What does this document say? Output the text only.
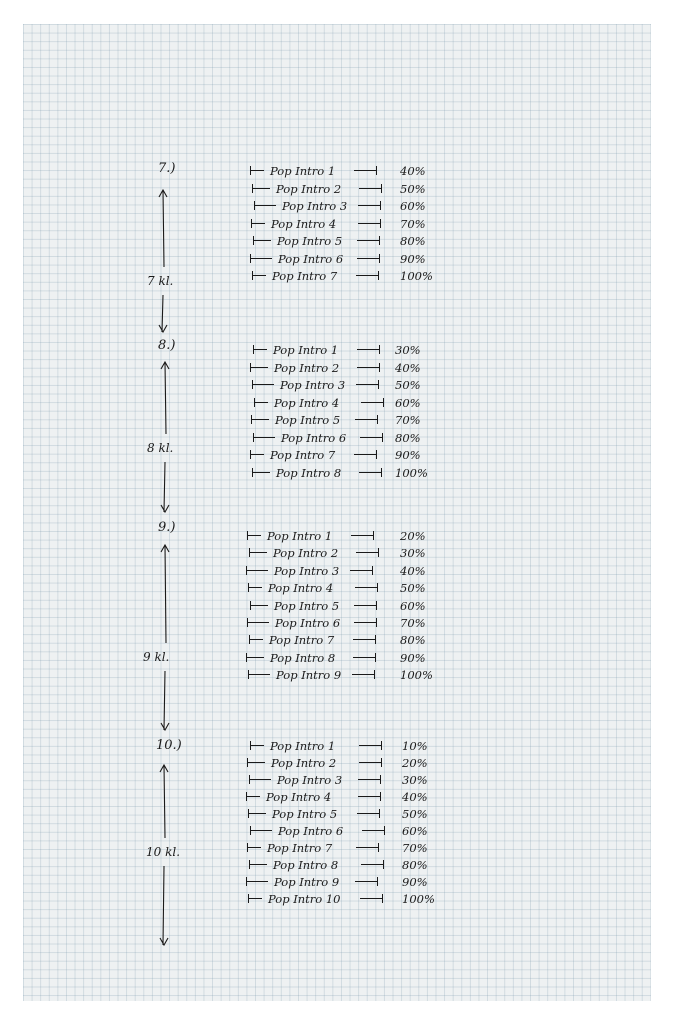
7.)
7 kl.
Pop Intro 1	40%
Pop Intro 2	50%
Pop Intro 3	60%
Pop Intro 4	70%
Pop Intro 5	80%
Pop Intro 6	90%
Pop Intro 7	100%
8.)
8 kl.
Pop Intro 1	30%
Pop Intro 2	40%
Pop Intro 3	50%
Pop Intro 4	60%
Pop Intro 5	70%
Pop Intro 6	80%
Pop Intro 7	90%
Pop Intro 8	100%
9.)
9 kl.
Pop Intro 1	20%
Pop Intro 2	30%
Pop Intro 3	40%
Pop Intro 4	50%
Pop Intro 5	60%
Pop Intro 6	70%
Pop Intro 7	80%
Pop Intro 8	90%
Pop Intro 9	100%
10.)
10 kl.
Pop Intro 1	10%
Pop Intro 2	20%
Pop Intro 3	30%
Pop Intro 4	40%
Pop Intro 5	50%
Pop Intro 6	60%
Pop Intro 7	70%
Pop Intro 8	80%
Pop Intro 9	90%
Pop Intro 10	100%
